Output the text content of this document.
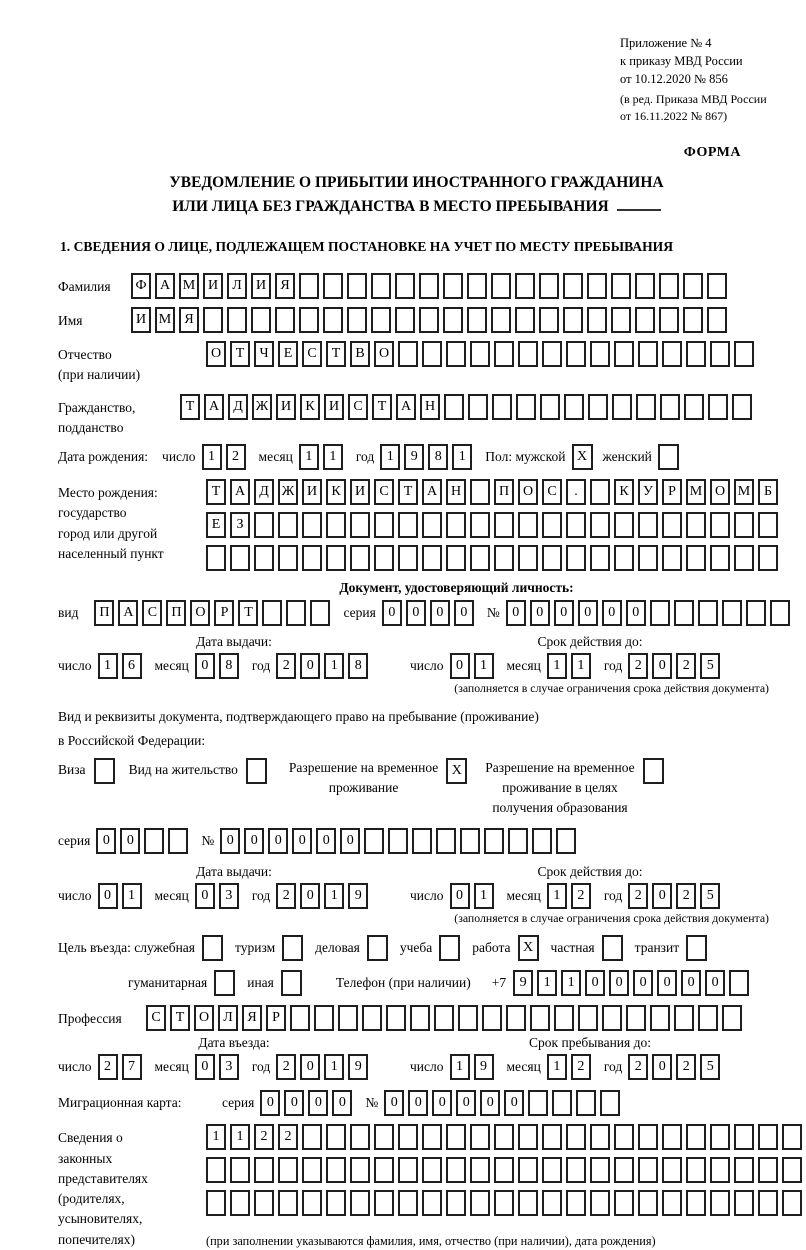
Приложение № 4
к приказу МВД России
от 10.12.2020 № 856
(в ред. Приказа МВД России
от 16.11.2022 № 867)
ФОРМА
УВЕДОМЛЕНИЕ О ПРИБЫТИИ ИНОСТРАННОГО ГРАЖДАНИНА
ИЛИ ЛИЦА БЕЗ ГРАЖДАНСТВА В МЕСТО ПРЕБЫВАНИЯ
1. СВЕДЕНИЯ О ЛИЦЕ, ПОДЛЕЖАЩЕМ ПОСТАНОВКЕ НА УЧЕТ ПО МЕСТУ ПРЕБЫВАНИЯ
Фамилия	Ф А М И	Л	И	Я
Имя	И М Я
Отчество
(при наличии)
О	Т	Ч	Е	С	Т	В	О
Гражданство,
подданство
Т	А	Д Ж И	К	И	С	Т	А Н
Дата рождения: число 1	2	месяц 1	1	год 1	9	8	1	Пол: мужской X	женский
Место рождения:
государство
город или другой
населенный пункт
Т	А	Д Ж И	К	И	С	Т	А Н	П О	С	.	К	У	Р М О М Б
Е	З
Документ, удостоверяющий личность:
вид	П А	С	П О	Р	Т	серия 0	0	0	0	№ 0	0	0	0	0	0
Дата выдачи:
число 1	6	месяц 0	8	год 2	0	1	8
Срок действия до:
число 0	1	месяц 1	1	год 2	0	2	5
(заполняется в случае ограничения срока действия документа)
Вид и реквизиты документа, подтверждающего право на пребывание (проживание)
в Российской Федерации:
Виза	Вид на жительство	Разрешение на временное
проживание
X	Разрешение на временное
проживание в целях
получения образования
серия 0	0	№ 0	0	0	0	0	0
Дата выдачи:
число 0	1	месяц 0	3	год 2	0	1	9
Срок действия до:
число 0	1	месяц 1	2	год 2	0	2	5
(заполняется в случае ограничения срока действия документа)
Цель въезда: служебная	туризм	деловая	учеба	работа X	частная	транзит
гуманитарная	иная	Телефон (при наличии) +7 9	1	1	0	0	0	0	0	0
Профессия	С	Т	О	Л	Я	Р
Дата въезда:
число 2	7	месяц 0	3	год 2	0	1	9
Срок пребывания до:
число 1	9	месяц 1	2	год 2	0	2	5
Миграционная карта:	серия 0	0	0	0	№ 0	0	0	0	0	0
Сведения о
законных
представителях
(родителях,
усыновителях,
попечителях)
1	1	2	2
(при заполнении указываются фамилия, имя, отчество (при наличии), дата рождения)
